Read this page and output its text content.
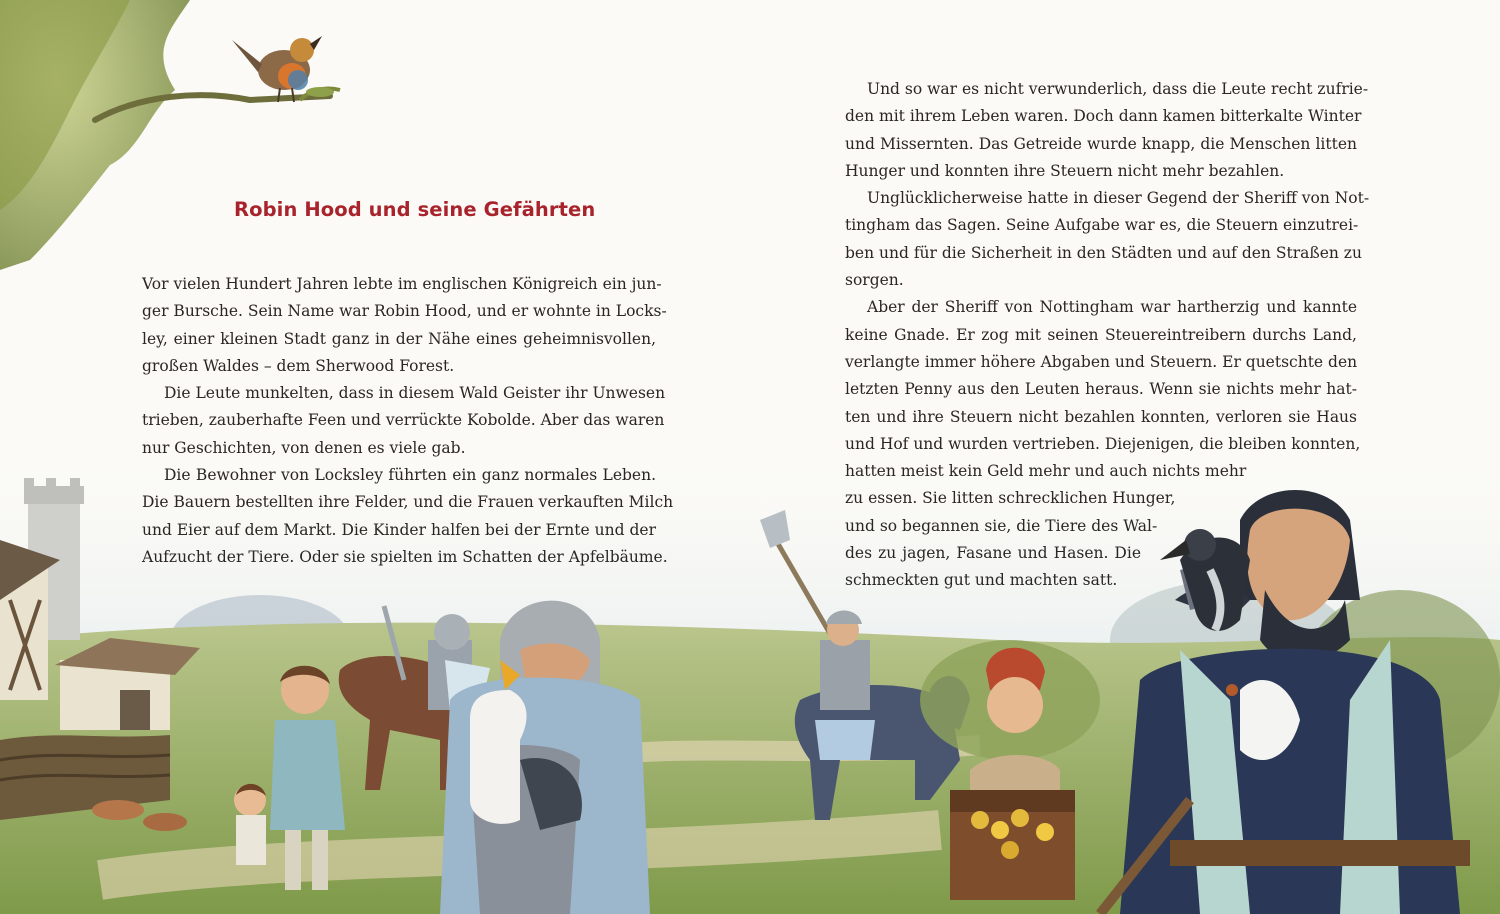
Robin Hood und seine Gefährten
Vor vielen Hundert Jahren lebte im englischen Königreich ein jun-
ger Bursche. Sein Name war Robin Hood, und er wohnte in Locks-
ley, einer kleinen Stadt ganz in der Nähe eines geheimnisvollen,
großen Waldes – dem Sherwood Forest.
Die Leute munkelten, dass in diesem Wald Geister ihr Unwesen
trieben, zauberhafte Feen und verrückte Kobolde. Aber das waren
nur Geschichten, von denen es viele gab.
Die Bewohner von Locksley führten ein ganz normales Leben.
Die Bauern bestellten ihre Felder, und die Frauen verkauften Milch
und Eier auf dem Markt. Die Kinder halfen bei der Ernte und der
Aufzucht der Tiere. Oder sie spielten im Schatten der Apfelbäume.
Und so war es nicht verwunderlich, dass die Leute recht zufrie-
den mit ihrem Leben waren. Doch dann kamen bitterkalte Winter
und Missernten. Das Getreide wurde knapp, die Menschen litten
Hunger und konnten ihre Steuern nicht mehr bezahlen.
Unglücklicherweise hatte in dieser Gegend der Sheriff von Not-
tingham das Sagen. Seine Aufgabe war es, die Steuern einzutrei-
ben und für die Sicherheit in den Städten und auf den Straßen zu
sorgen.
Aber der Sheriff von Nottingham war hartherzig und kannte
keine Gnade. Er zog mit seinen Steuereintreibern durchs Land,
verlangte immer höhere Abgaben und Steuern. Er quetschte den
letzten Penny aus den Leuten heraus. Wenn sie nichts mehr hat-
ten und ihre Steuern nicht bezahlen konnten, verloren sie Haus
und Hof und wurden vertrieben. Diejenigen, die bleiben konnten,
hatten meist kein Geld mehr und auch nichts mehr
zu essen. Sie litten schrecklichen Hunger,
und so begannen sie, die Tiere des Wal-
des zu jagen, Fasane und Hasen. Die
schmeckten gut und machten satt.
